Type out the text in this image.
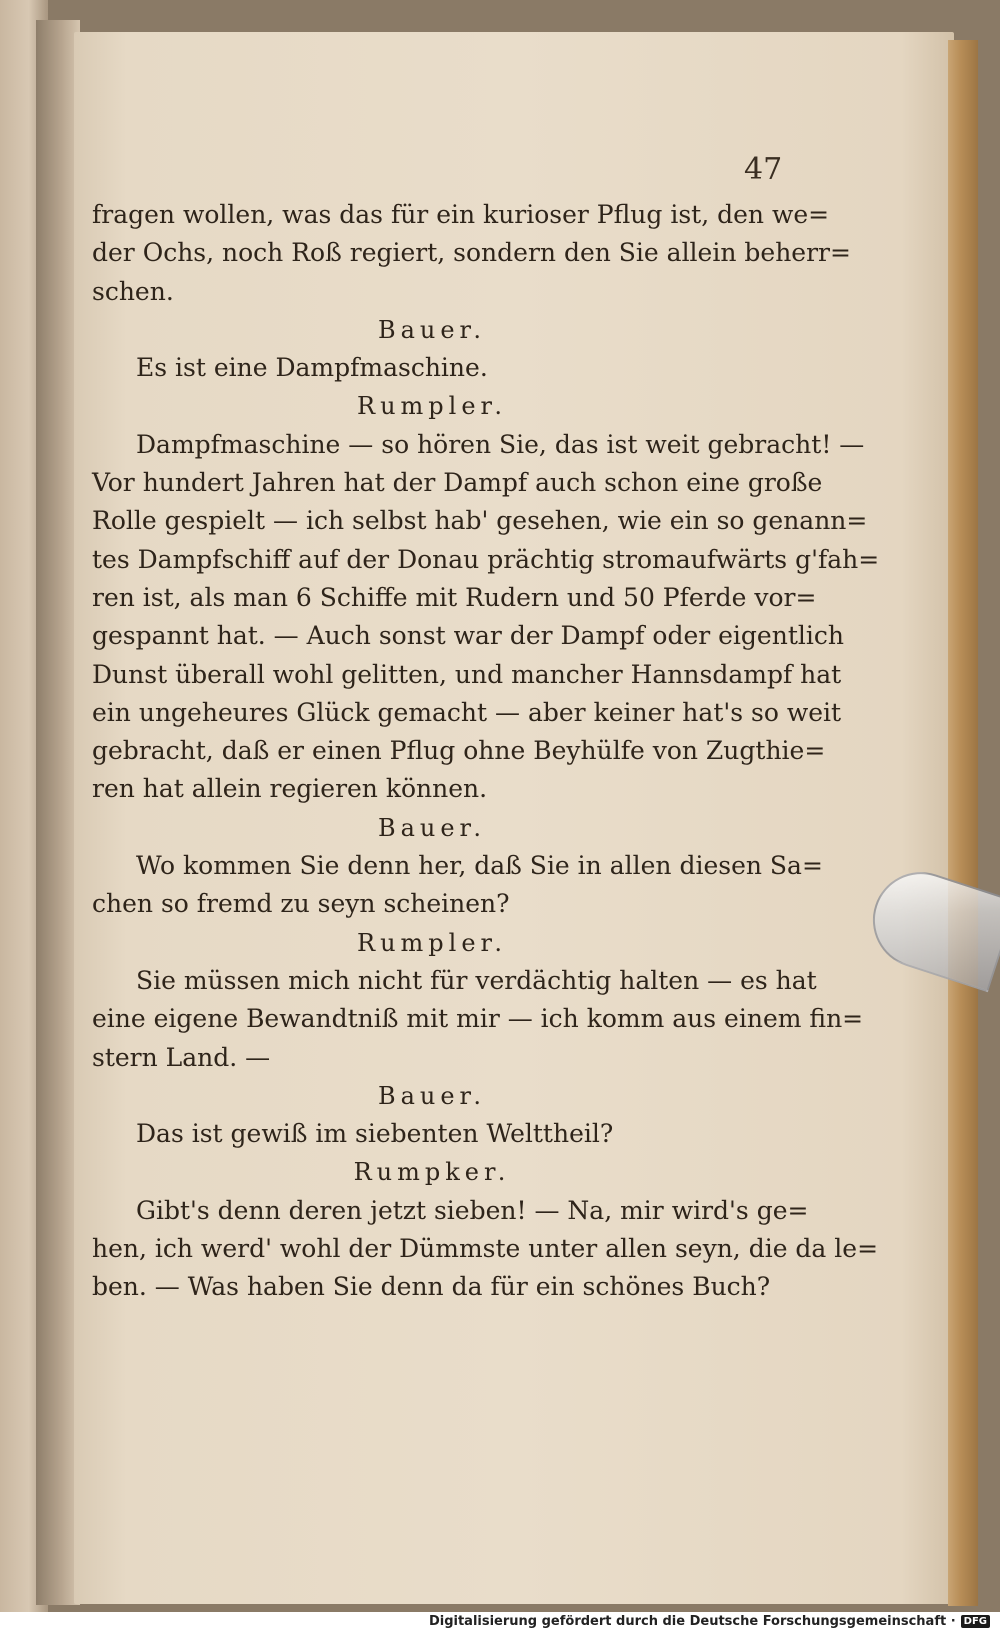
47
fragen wollen, was das für ein kurioser Pflug ist, den we=
der Ochs, noch Roß regiert, sondern den Sie allein beherr=
schen.
Bauer.
Es ist eine Dampfmaschine.
Rumpler.
Dampfmaschine — so hören Sie, das ist weit gebracht! —
Vor hundert Jahren hat der Dampf auch schon eine große
Rolle gespielt — ich selbst hab' gesehen, wie ein so genann=
tes Dampfschiff auf der Donau prächtig stromaufwärts g'fah=
ren ist, als man 6 Schiffe mit Rudern und 50 Pferde vor=
gespannt hat. — Auch sonst war der Dampf oder eigentlich
Dunst überall wohl gelitten, und mancher Hannsdampf hat
ein ungeheures Glück gemacht — aber keiner hat's so weit
gebracht, daß er einen Pflug ohne Beyhülfe von Zugthie=
ren hat allein regieren können.
Bauer.
Wo kommen Sie denn her, daß Sie in allen diesen Sa=
chen so fremd zu seyn scheinen?
Rumpler.
Sie müssen mich nicht für verdächtig halten — es hat
eine eigene Bewandtniß mit mir — ich komm aus einem fin=
stern Land. —
Bauer.
Das ist gewiß im siebenten Welttheil?
Rumpker.
Gibt's denn deren jetzt sieben! — Na, mir wird's ge=
hen, ich werd' wohl der Dümmste unter allen seyn, die da le=
ben. — Was haben Sie denn da für ein schönes Buch?
Digitalisierung gefördert durch die Deutsche Forschungsgemeinschaft · DFG
